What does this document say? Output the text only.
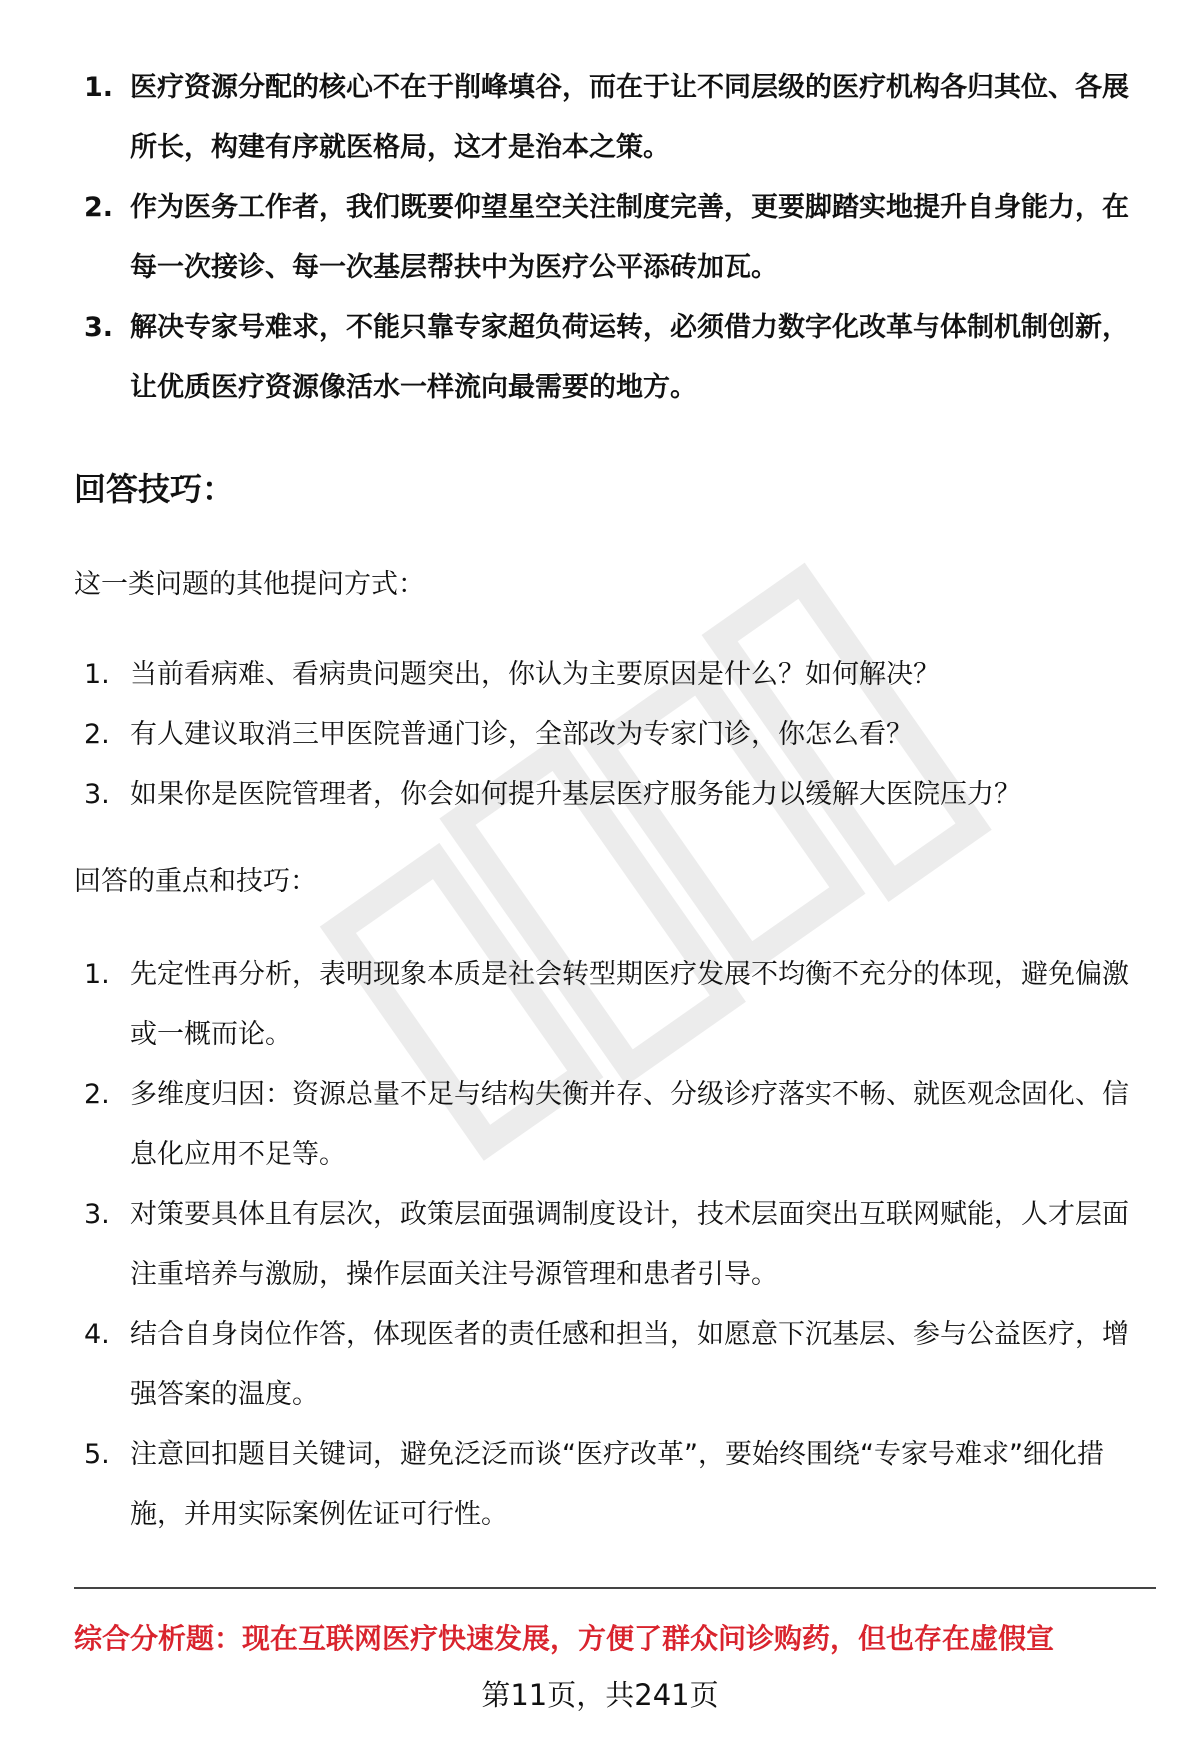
1. 医疗资源分配的核心不在于削峰填谷，而在于让不同层级的医疗机构各归其位、各展所长，构建有序就医格局，这才是治本之策。
2. 作为医务工作者，我们既要仰望星空关注制度完善，更要脚踏实地提升自身能力，在每一次接诊、每一次基层帮扶中为医疗公平添砖加瓦。
3. 解决专家号难求，不能只靠专家超负荷运转，必须借力数字化改革与体制机制创新，让优质医疗资源像活水一样流向最需要的地方。
回答技巧：
这一类问题的其他提问方式：
1. 当前看病难、看病贵问题突出，你认为主要原因是什么？如何解决？
2. 有人建议取消三甲医院普通门诊，全部改为专家门诊，你怎么看？
3. 如果你是医院管理者，你会如何提升基层医疗服务能力以缓解大医院压力？
回答的重点和技巧：
1. 先定性再分析，表明现象本质是社会转型期医疗发展不均衡不充分的体现，避免偏激或一概而论。
2. 多维度归因：资源总量不足与结构失衡并存、分级诊疗落实不畅、就医观念固化、信息化应用不足等。
3. 对策要具体且有层次，政策层面强调制度设计，技术层面突出互联网赋能，人才层面注重培养与激励，操作层面关注号源管理和患者引导。
4. 结合自身岗位作答，体现医者的责任感和担当，如愿意下沉基层、参与公益医疗，增强答案的温度。
5. 注意回扣题目关键词，避免泛泛而谈“医疗改革”，要始终围绕“专家号难求”细化措施，并用实际案例佐证可行性。
综合分析题：现在互联网医疗快速发展，方便了群众问诊购药，但也存在虚假宣
第11页，共241页
